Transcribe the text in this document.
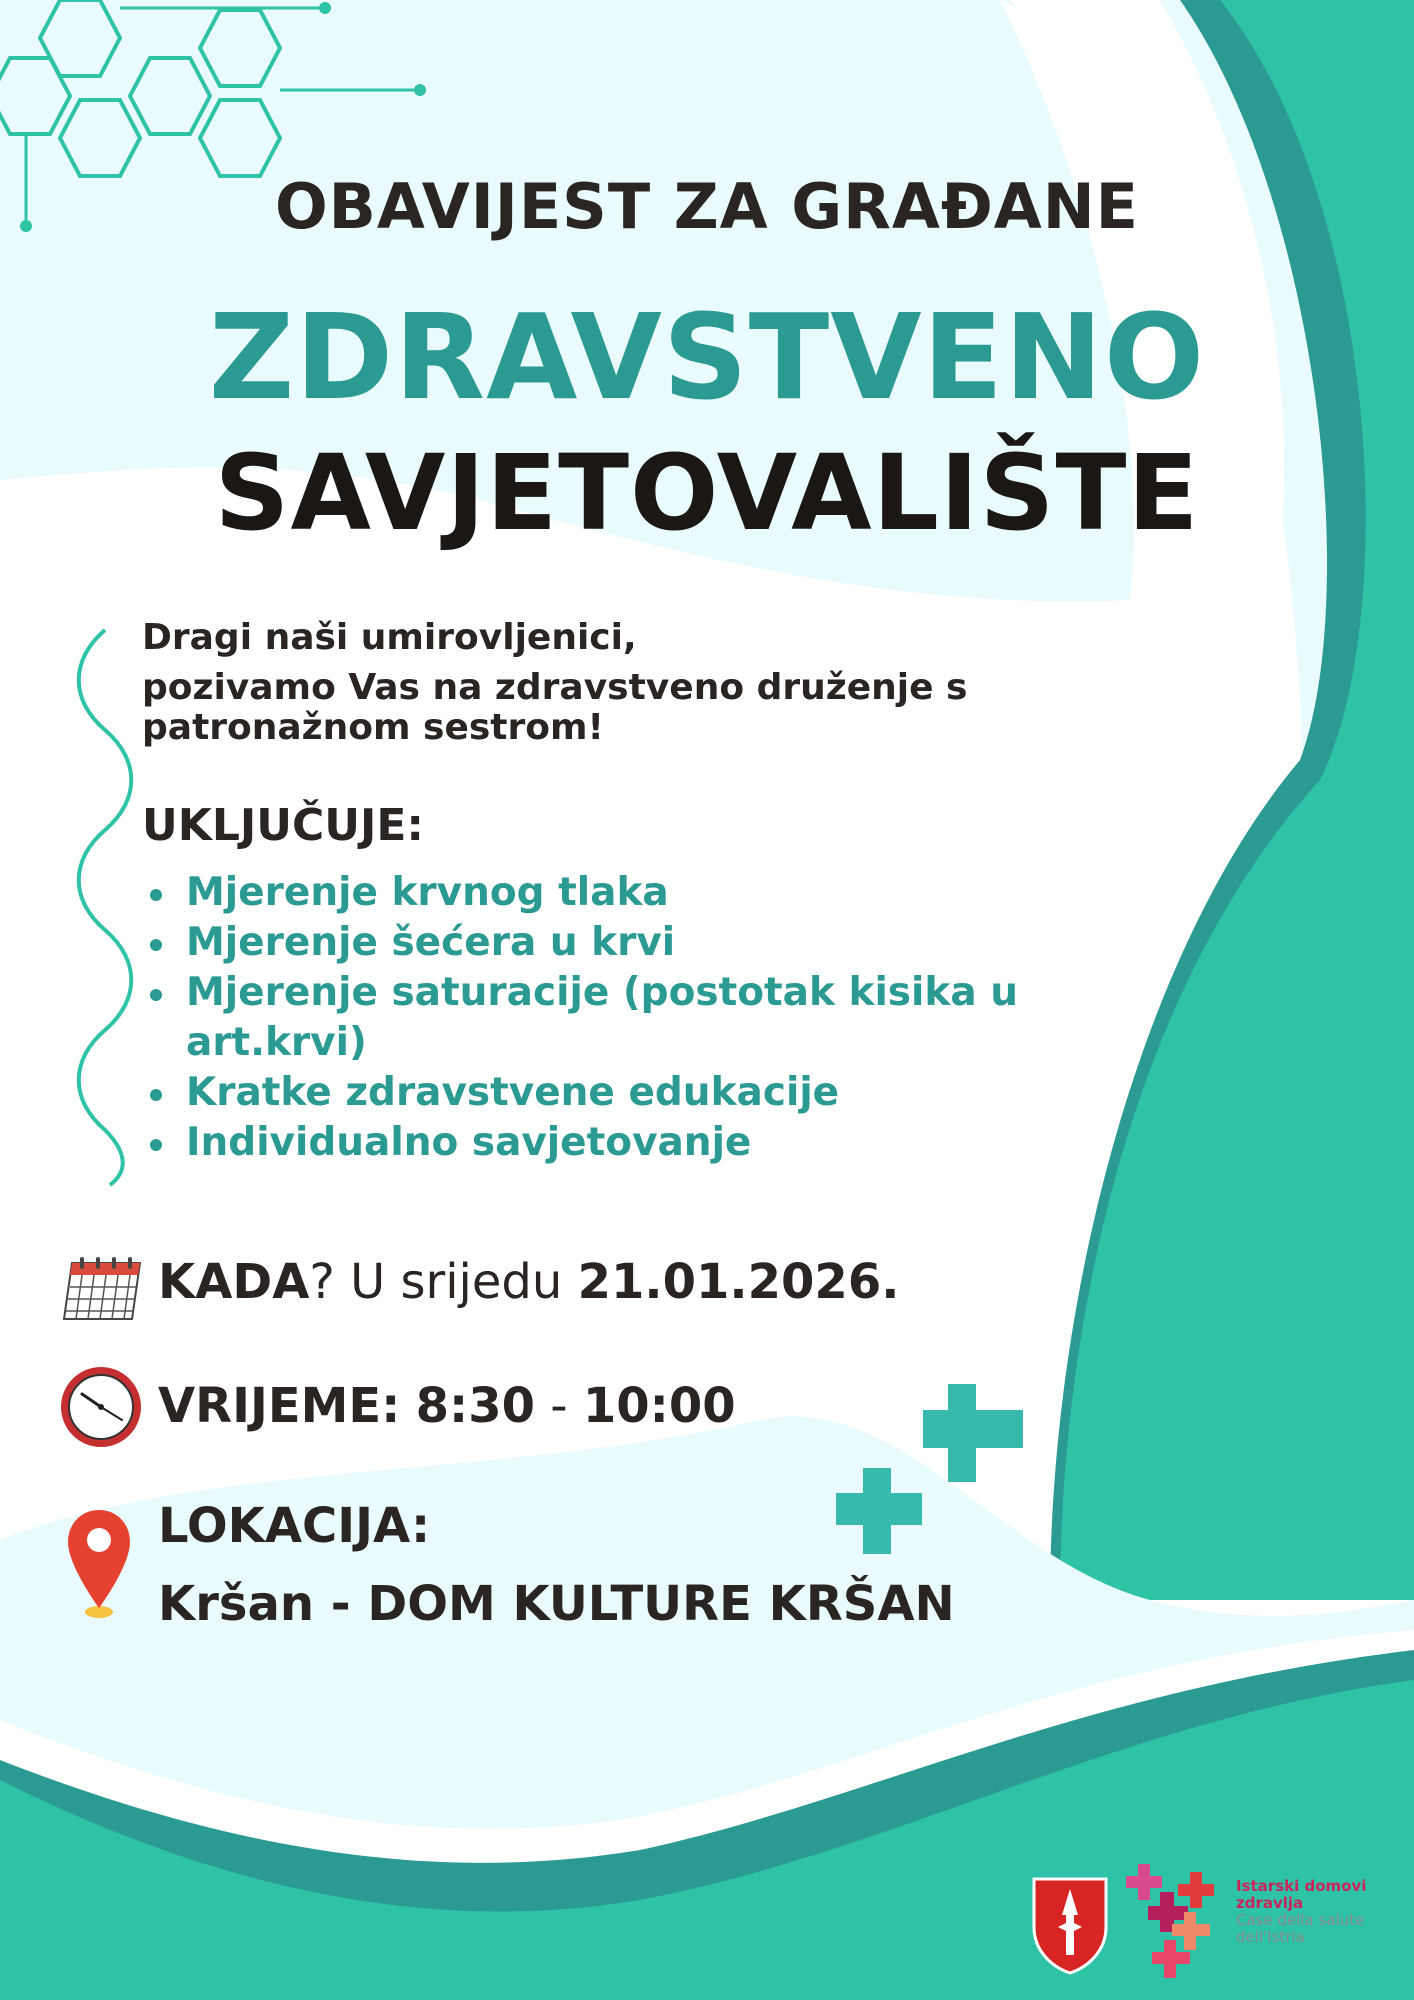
OBAVIJEST ZA GRAĐANE
ZDRAVSTVENO
SAVJETOVALIŠTE
Dragi naši umirovljenici,
pozivamo Vas na zdravstveno druženje s patronažnom sestrom!
UKLJUČUJE:
Mjerenje krvnog tlaka
Mjerenje šećera u krvi
Mjerenje saturacije (postotak kisika u art.krvi)
Kratke zdravstvene edukacije
Individualno savjetovanje
KADA? U srijedu 21.01.2026.
VRIJEME: 8:30 - 10:00
LOKACIJA:
Kršan - DOM KULTURE KRŠAN
Istarski domovi zdravlja
Case della salute dell'Istria
